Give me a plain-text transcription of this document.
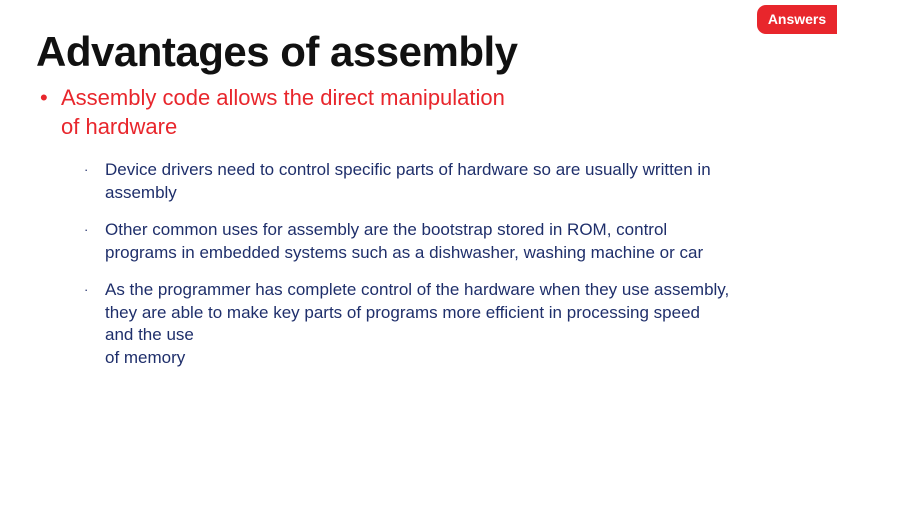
Answers
Advantages of assembly
• Assembly code allows the direct manipulation
of hardware
· Device drivers need to control specific parts of hardware so are usually written in
assembly
· Other common uses for assembly are the bootstrap stored in ROM, control
programs in embedded systems such as a dishwasher, washing machine or car
· As the programmer has complete control of the hardware when they use assembly,
they are able to make key parts of programs more efficient in processing speed
and the use
of memory
